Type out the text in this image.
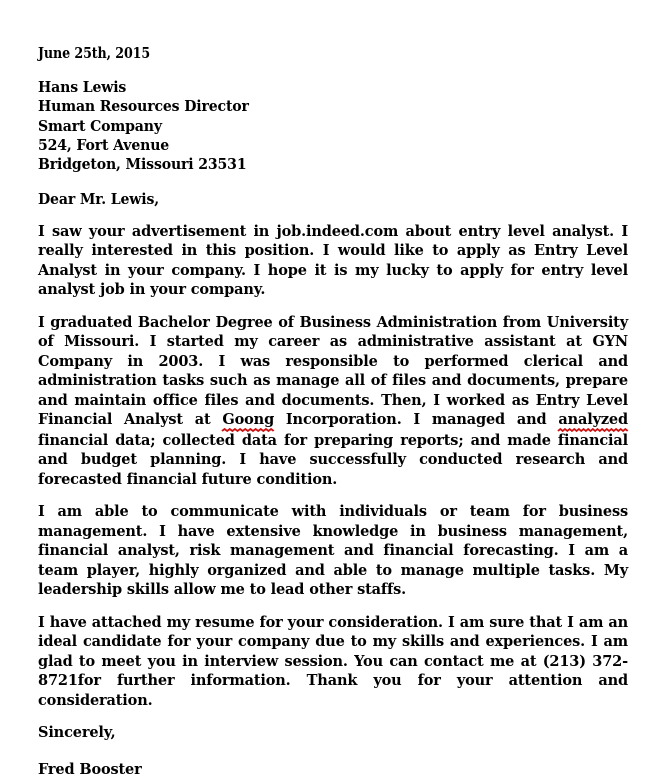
June 25th, 2015

Hans Lewis

Human Resources Director

Smart Company

524, Fort Avenue

Bridgeton, Missouri 23531

Dear Mr. Lewis,

I saw your advertisement in job.indeed.com about entry level analyst. I really interested in this position. I would like to apply as Entry Level Analyst in your company. I hope it is my lucky to apply for entry level analyst job in your company.

I graduated Bachelor Degree of Business Administration from University of Missouri. I started my career as administrative assistant at GYN Company in 2003. I was responsible to performed clerical and administration tasks such as manage all of files and documents, prepare and maintain office files and documents. Then, I worked as Entry Level Financial Analyst at Goong
Incorporation. I managed and analyzed
financial data; collected data for preparing reports; and made financial and budget planning. I have successfully conducted research and forecasted financial future condition.

I am able to communicate with individuals or team for business management. I have extensive knowledge in business management, financial analyst, risk management and financial forecasting. I am a team player, highly organized and able to manage multiple tasks. My leadership skills allow me to lead other staffs.

I have attached my resume for your consideration. I am sure that I am an ideal candidate for your company due to my skills and experiences. I am glad to meet you in interview session. You can contact me at (213) 372-8721for further information. Thank you for your attention and consideration.

Sincerely,

Fred Booster
